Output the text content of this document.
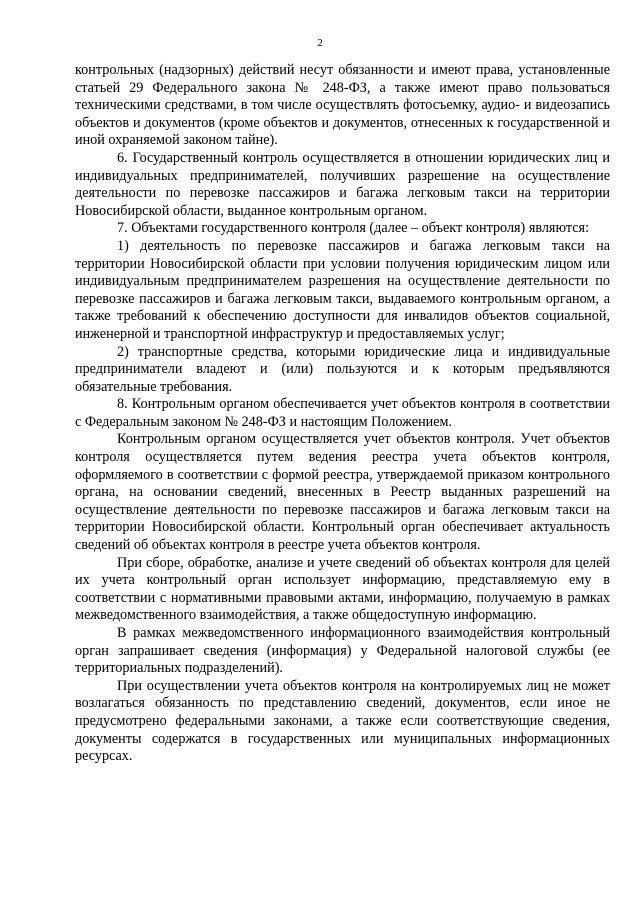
2

контрольных (надзорных) действий несут обязанности и имеют права, установленные статьей 29 Федерального закона № 248-ФЗ, а также имеют право пользоваться техническими средствами, в том числе осуществлять фотосъемку, аудио- и видеозапись объектов и документов (кроме объектов и документов, отнесенных к государственной и иной охраняемой законом тайне).

6. Государственный контроль осуществляется в отношении юридических лиц и индивидуальных предпринимателей, получивших разрешение на осуществление деятельности по перевозке пассажиров и багажа легковым такси на территории Новосибирской области, выданное контрольным органом.

7. Объектами государственного контроля (далее – объект контроля) являются:

1) деятельность по перевозке пассажиров и багажа легковым такси на территории Новосибирской области при условии получения юридическим лицом или индивидуальным предпринимателем разрешения на осуществление деятельности по перевозке пассажиров и багажа легковым такси, выдаваемого контрольным органом, а также требований к обеспечению доступности для инвалидов объектов социальной, инженерной и транспортной инфраструктур и предоставляемых услуг;

2) транспортные средства, которыми юридические лица и индивидуальные предприниматели владеют и (или) пользуются и к которым предъявляются обязательные требования.

8. Контрольным органом обеспечивается учет объектов контроля в соответствии с Федеральным законом № 248-ФЗ и настоящим Положением.

Контрольным органом осуществляется учет объектов контроля. Учет объектов контроля осуществляется путем ведения реестра учета объектов контроля, оформляемого в соответствии с формой реестра, утверждаемой приказом контрольного органа, на основании сведений, внесенных в Реестр выданных разрешений на осуществление деятельности по перевозке пассажиров и багажа легковым такси на территории Новосибирской области. Контрольный орган обеспечивает актуальность сведений об объектах контроля в реестре учета объектов контроля.

При сборе, обработке, анализе и учете сведений об объектах контроля для целей их учета контрольный орган использует информацию, представляемую ему в соответствии с нормативными правовыми актами, информацию, получаемую в рамках межведомственного взаимодействия, а также общедоступную информацию.

В рамках межведомственного информационного взаимодействия контрольный орган запрашивает сведения (информация) у Федеральной налоговой службы (ее территориальных подразделений).

При осуществлении учета объектов контроля на контролируемых лиц не может возлагаться обязанность по представлению сведений, документов, если иное не предусмотрено федеральными законами, а также если соответствующие сведения, документы содержатся в государственных или муниципальных информационных ресурсах.
